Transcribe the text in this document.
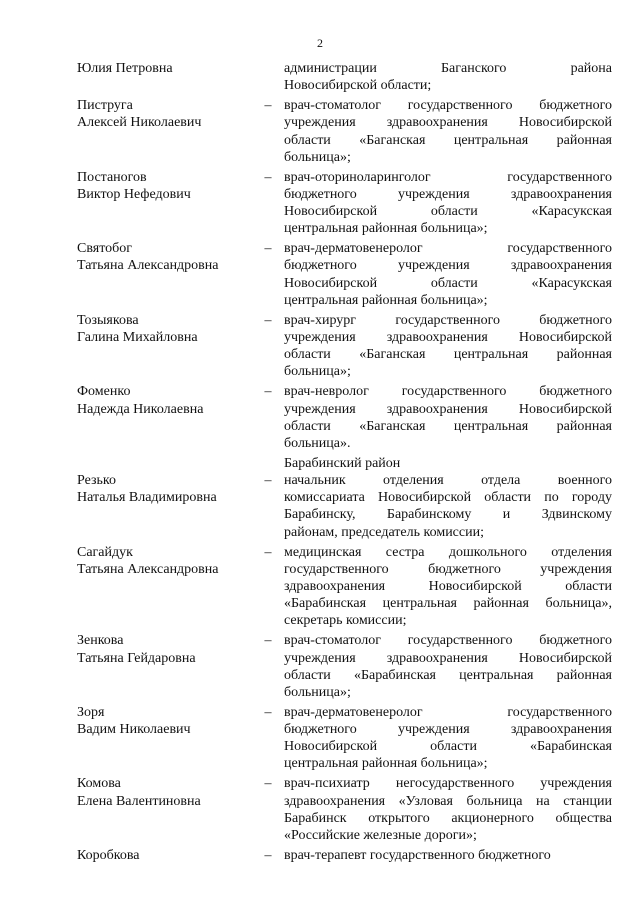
2
Юлия Петровна	администрации Баганского района
Новосибирской области;
Пиструга
Алексей Николаевич
– врач-стоматолог государственного бюджетного
учреждения здравоохранения Новосибирской
области «Баганская центральная районная
больница»;
Постаногов
Виктор Нефедович
– врач-оториноларинголог государственного
бюджетного учреждения здравоохранения
Новосибирской области «Карасукская
центральная районная больница»;
Святобог
Татьяна Александровна
– врач-дерматовенеролог государственного
бюджетного учреждения здравоохранения
Новосибирской области «Карасукская
центральная районная больница»;
Тозыякова
Галина Михайловна
– врач-хирург государственного бюджетного
учреждения здравоохранения Новосибирской
области «Баганская центральная районная
больница»;
Фоменко
Надежда Николаевна
– врач-невролог государственного бюджетного
учреждения здравоохранения Новосибирской
области «Баганская центральная районная
больница».
Барабинский район
Резько
Наталья Владимировна
– начальник отделения отдела военного
комиссариата Новосибирской области по городу
Барабинску, Барабинскому и Здвинскому
районам, председатель комиссии;
Сагайдук
Татьяна Александровна
– медицинская сестра дошкольного отделения
государственного бюджетного учреждения
здравоохранения Новосибирской области
«Барабинская центральная районная больница»,
секретарь комиссии;
Зенкова
Татьяна Гейдаровна
– врач-стоматолог государственного бюджетного
учреждения здравоохранения Новосибирской
области «Барабинская центральная районная
больница»;
Зоря
Вадим Николаевич
– врач-дерматовенеролог государственного
бюджетного учреждения здравоохранения
Новосибирской области «Барабинская
центральная районная больница»;
Комова
Елена Валентиновна
– врач-психиатр негосударственного учреждения
здравоохранения «Узловая больница на станции
Барабинск открытого акционерного общества
«Российские железные дороги»;
Коробкова	– врач-терапевт государственного бюджетного
